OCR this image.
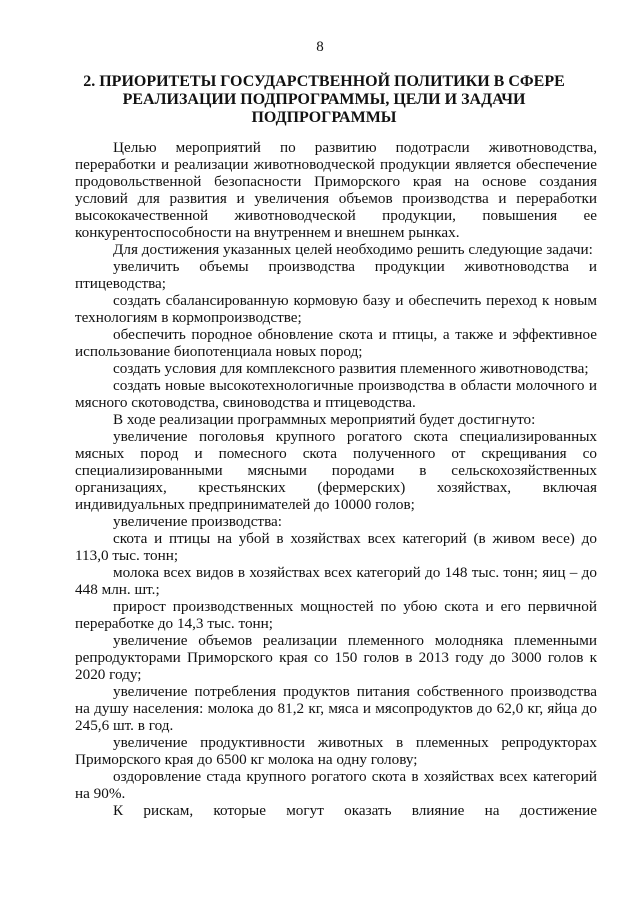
8
2. ПРИОРИТЕТЫ ГОСУДАРСТВЕННОЙ ПОЛИТИКИ В СФЕРЕ
РЕАЛИЗАЦИИ ПОДПРОГРАММЫ, ЦЕЛИ И ЗАДАЧИ
ПОДПРОГРАММЫ

Целью мероприятий по развитию подотрасли животноводства, переработки и реализации животноводческой продукции является обеспечение продовольственной безопасности Приморского края на основе создания условий для развития и увеличения объемов производства и переработки высококачественной животноводческой продукции, повышения ее конкурентоспособности на внутреннем и внешнем рынках.

Для достижения указанных целей необходимо решить следующие задачи:

увеличить объемы производства продукции животноводства и птицеводства;

создать сбалансированную кормовую базу и обеспечить переход к новым технологиям в кормопроизводстве;

обеспечить породное обновление скота и птицы, а также и эффективное использование биопотенциала новых пород;

создать условия для комплексного развития племенного животноводства;

создать новые высокотехнологичные производства в области молочного и мясного скотоводства, свиноводства и птицеводства.

В ходе реализации программных мероприятий будет достигнуто:

увеличение поголовья крупного рогатого скота специализированных мясных пород и помесного скота полученного от скрещивания со специализированными мясными породами в сельскохозяйственных организациях, крестьянских (фермерских) хозяйствах, включая индивидуальных предпринимателей до 10000 голов;

увеличение производства:

скота и птицы на убой в хозяйствах всех категорий (в живом весе) до 113,0 тыс. тонн;

молока всех видов в хозяйствах всех категорий до 148 тыс. тонн; яиц – до 448 млн. шт.;

прирост производственных мощностей по убою скота и его первичной переработке до 14,3 тыс. тонн;

увеличение объемов реализации племенного молодняка племенными репродукторами Приморского края со 150 голов в 2013 году до 3000 голов к 2020 году;

увеличение потребления продуктов питания собственного производства на душу населения: молока до 81,2 кг, мяса и мясопродуктов до 62,0 кг, яйца до 245,6 шт. в год.

увеличение продуктивности животных в племенных репродукторах Приморского края до 6500 кг молока на одну голову;

оздоровление стада крупного рогатого скота в хозяйствах всех категорий на 90%.

К рискам, которые могут оказать влияние на достижение
